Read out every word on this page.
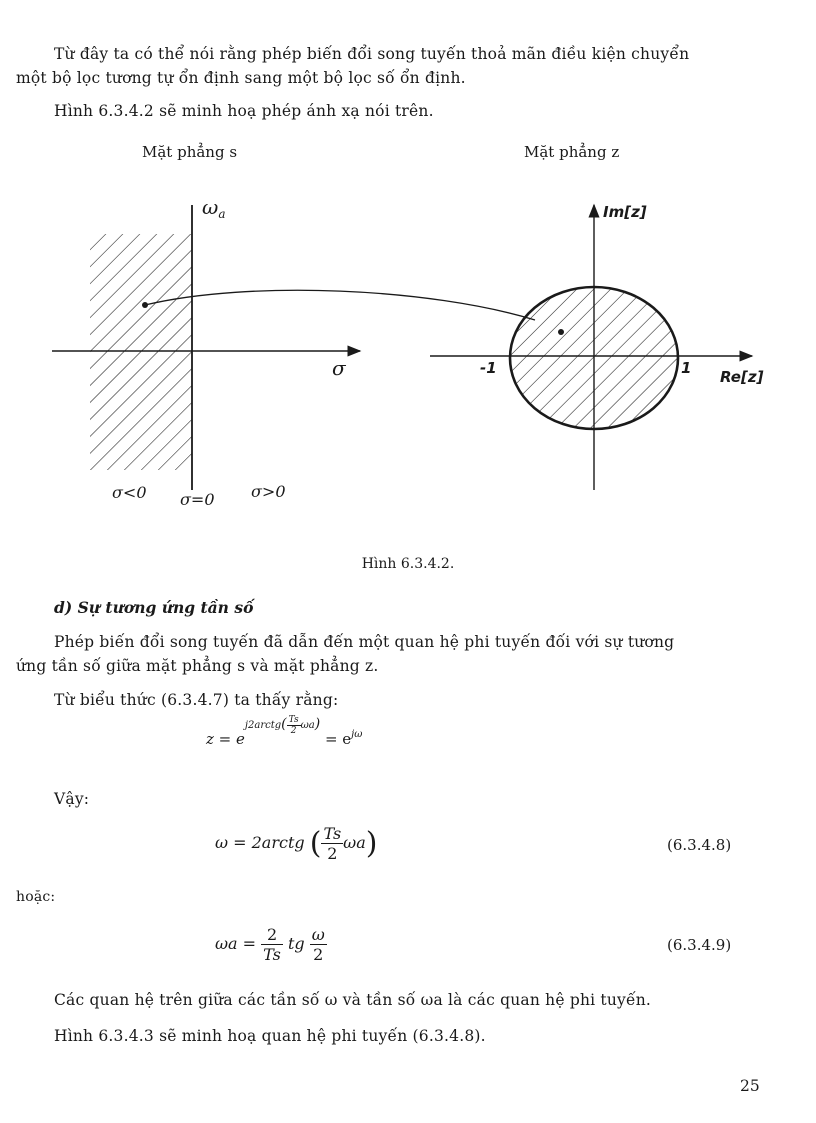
Từ đây ta có thể nói rằng phép biến đổi song tuyến thoả mãn điều kiện chuyển
một bộ lọc tương tự ổn định sang một bộ lọc số ổn định.
Hình 6.3.4.2 sẽ minh hoạ phép ánh xạ nói trên.
Mặt phẳng s	Mặt phẳng z
$\omega_a$
σ
σ<0 σ=0 σ>0
Im[z]
Re[z]
-1	1
Hình 6.3.4.2.
d) Sự tương ứng tần số
Phép biến đổi song tuyến đã dẫn đến một quan hệ phi tuyến đối với sự tương
ứng tần số giữa mặt phẳng s và mặt phẳng z.
Từ biểu thức (6.3.4.7) ta thấy rằng:
$z = e^{j2arctg( \frac{Ts}{2} \omega a)} = e^{j\omega}$
Vậy:
ω = 2arctg ( $\frac{Ts}{2} \omega a$)	(6.3.4.8)
hoặc:
$\omega a = \frac{2}{Ts}$ tg $\frac{\omega}{2}$	(6.3.4.9)
Các quan hệ trên giữa các tần số ω và tần số ωa là các quan hệ phi tuyến.
Hình 6.3.4.3 sẽ minh hoạ quan hệ phi tuyến (6.3.4.8).
25
